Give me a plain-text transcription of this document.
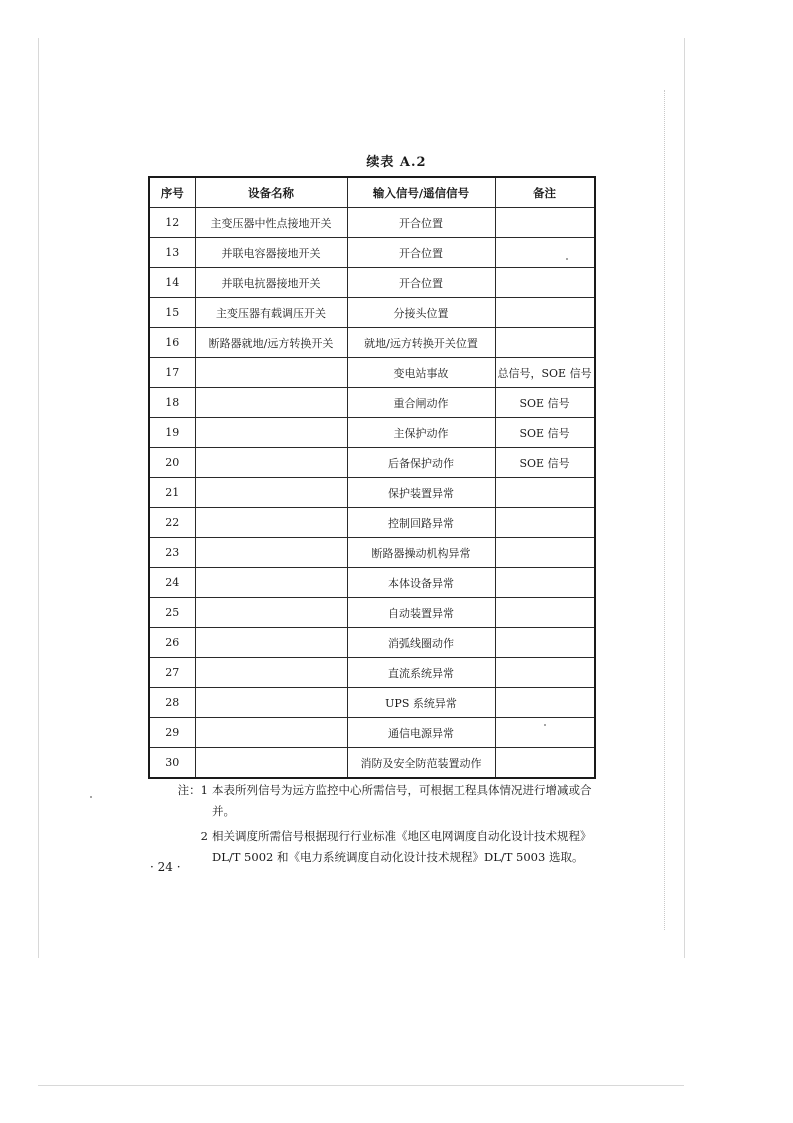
续表 A.2
序号	设备名称	输入信号/遥信信号	备注
12	主变压器中性点接地开关	开合位置	
13	并联电容器接地开关	开合位置	
14	并联电抗器接地开关	开合位置	
15	主变压器有载调压开关	分接头位置	
16	断路器就地/远方转换开关	就地/远方转换开关位置	
17		变电站事故	总信号，SOE 信号
18		重合闸动作	SOE 信号
19		主保护动作	SOE 信号
20		后备保护动作	SOE 信号
21		保护装置异常	
22		控制回路异常	
23		断路器操动机构异常	
24		本体设备异常	
25		自动装置异常	
26		消弧线圈动作	
27		直流系统异常	
28		UPS 系统异常	
29		通信电源异常	
30		消防及安全防范装置动作	
注：1 本表所列信号为远方监控中心所需信号，可根据工程具体情况进行增减或合并。
2 相关调度所需信号根据现行行业标准《地区电网调度自动化设计技术规程》DL/T 5002 和《电力系统调度自动化设计技术规程》DL/T 5003 选取。
· 24 ·
